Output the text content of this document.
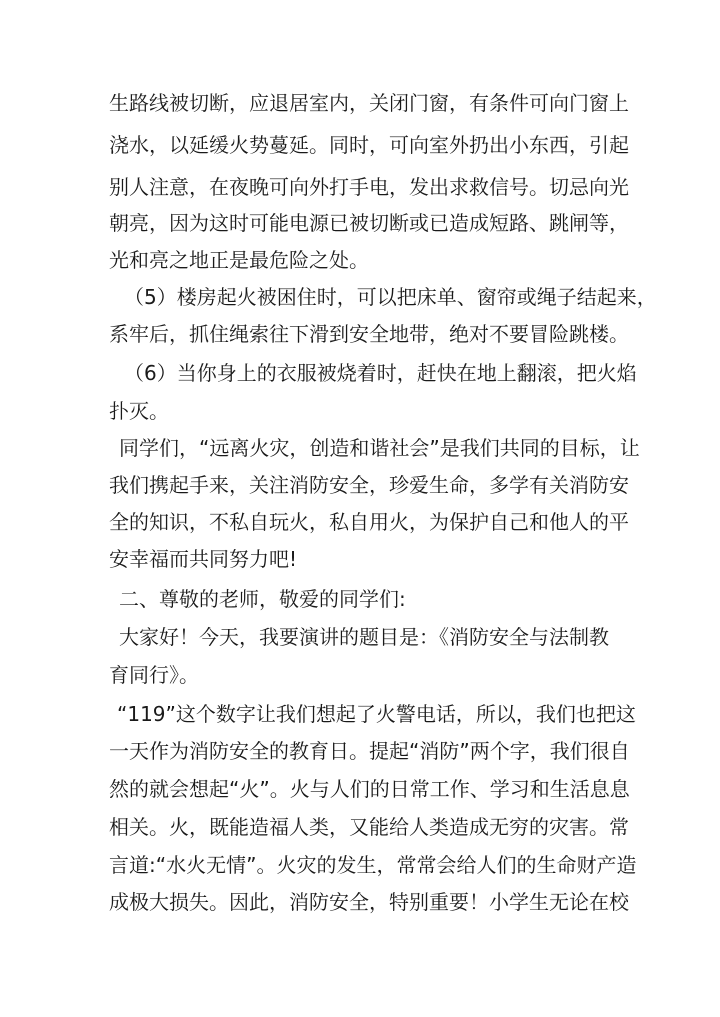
生路线被切断，应退居室内，关闭门窗，有条件可向门窗上
浇水，以延缓火势蔓延。同时，可向室外扔出小东西，引起
别人注意，在夜晚可向外打手电，发出求救信号。切忌向光
朝亮，因为这时可能电源已被切断或已造成短路、跳闸等，
光和亮之地正是最危险之处。
（5）楼房起火被困住时，可以把床单、窗帘或绳子结起来，
系牢后，抓住绳索往下滑到安全地带，绝对不要冒险跳楼。
（6）当你身上的衣服被烧着时，赶快在地上翻滚，把火焰
扑灭。
同学们，“远离火灾，创造和谐社会”是我们共同的目标，让
我们携起手来，关注消防安全，珍爱生命，多学有关消防安
全的知识，不私自玩火，私自用火，为保护自己和他人的平
安幸福而共同努力吧!
二、尊敬的老师，敬爱的同学们:
大家好！今天，我要演讲的题目是：《消防安全与法制教
育同行》。
“119”这个数字让我们想起了火警电话，所以，我们也把这
一天作为消防安全的教育日。提起“消防”两个字，我们很自
然的就会想起“火”。火与人们的日常工作、学习和生活息息
相关。火，既能造福人类，又能给人类造成无穷的灾害。常
言道:“水火无情”。火灾的发生，常常会给人们的生命财产造
成极大损失。因此，消防安全，特别重要！小学生无论在校
